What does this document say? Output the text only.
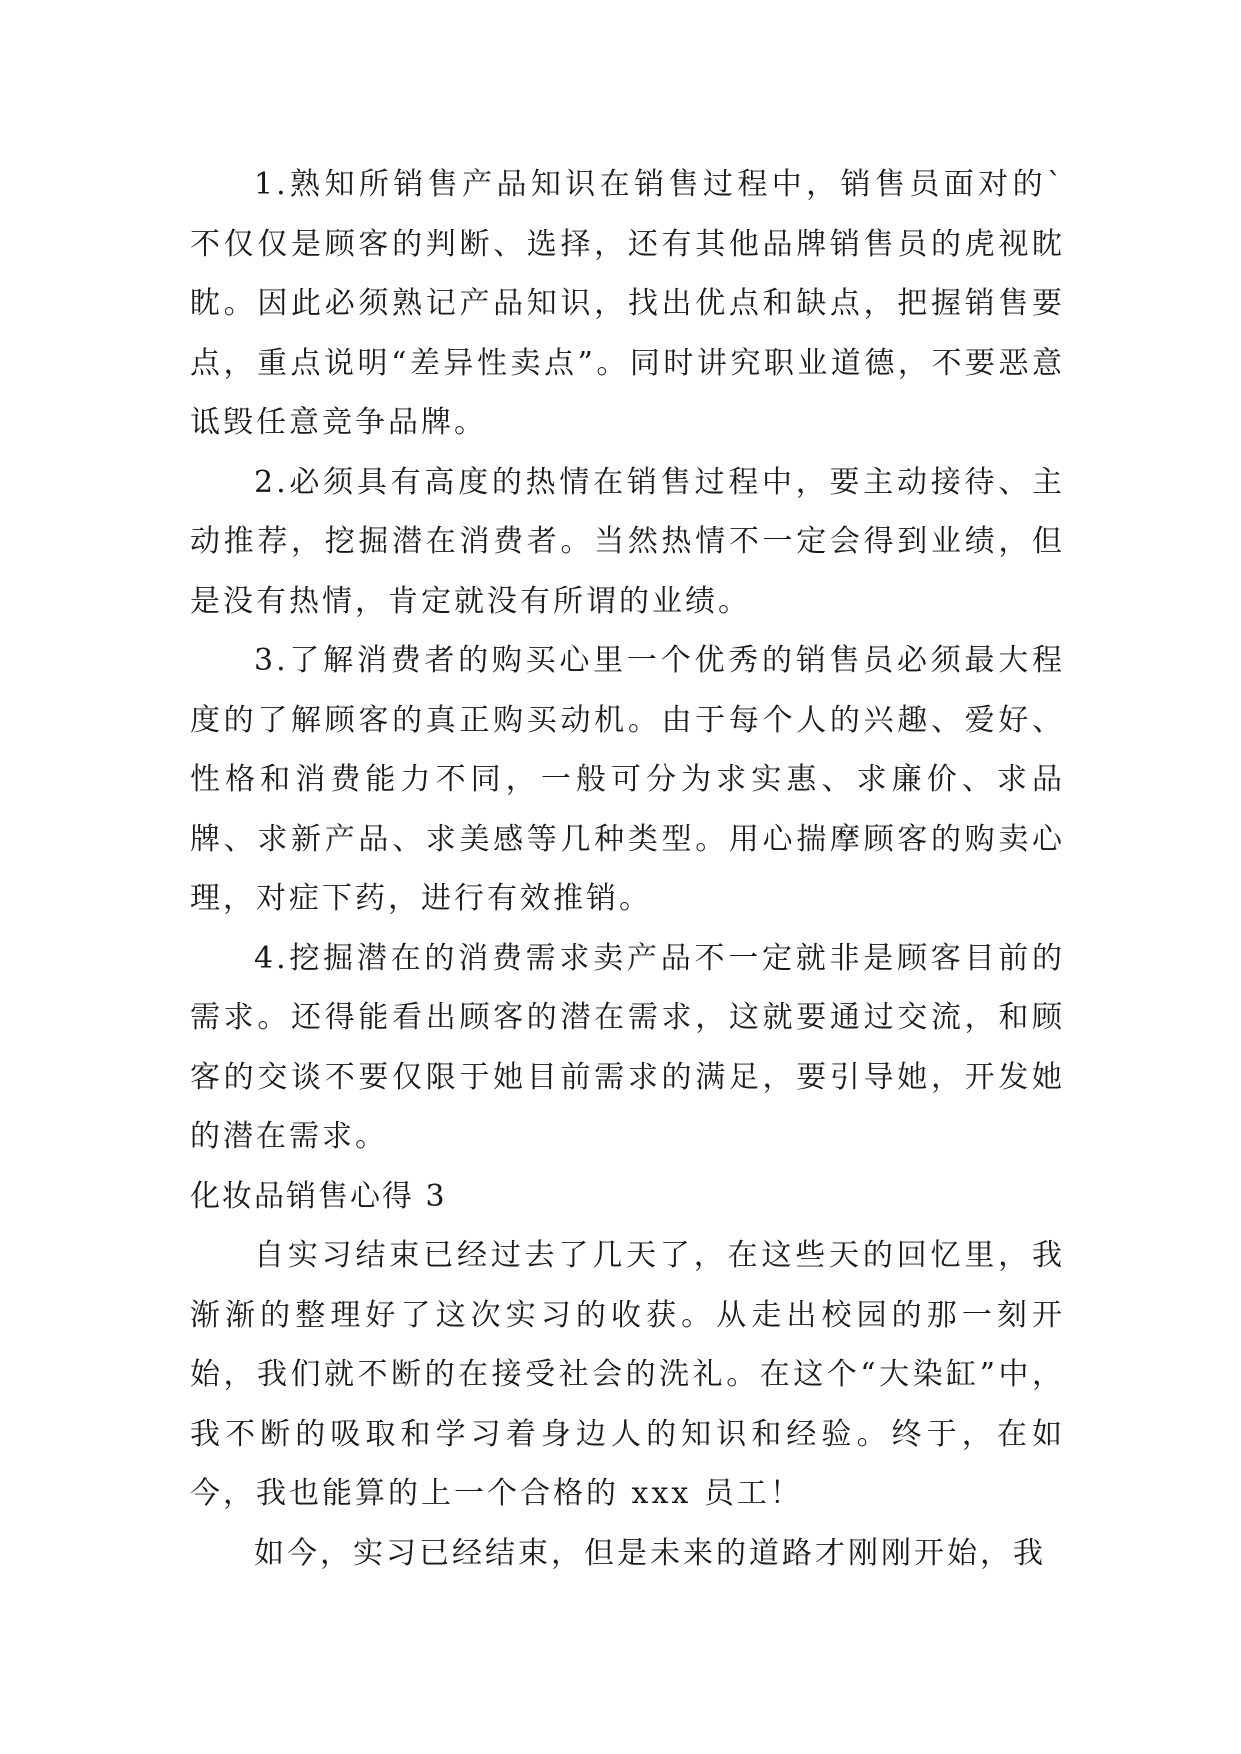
1.熟知所销售产品知识在销售过程中，销售员面对的`不仅仅是顾客的判断、选择，还有其他品牌销售员的虎视眈眈。因此必须熟记产品知识，找出优点和缺点，把握销售要点，重点说明“差异性卖点”。同时讲究职业道德，不要恶意诋毁任意竞争品牌。

2.必须具有高度的热情在销售过程中，要主动接待、主动推荐，挖掘潜在消费者。当然热情不一定会得到业绩，但是没有热情，肯定就没有所谓的业绩。

3.了解消费者的购买心里一个优秀的销售员必须最大程度的了解顾客的真正购买动机。由于每个人的兴趣、爱好、性格和消费能力不同，一般可分为求实惠、求廉价、求品牌、求新产品、求美感等几种类型。用心揣摩顾客的购卖心理，对症下药，进行有效推销。

4.挖掘潜在的消费需求卖产品不一定就非是顾客目前的需求。还得能看出顾客的潜在需求，这就要通过交流，和顾客的交谈不要仅限于她目前需求的满足，要引导她，开发她的潜在需求。

化妆品销售心得 3

自实习结束已经过去了几天了，在这些天的回忆里，我渐渐的整理好了这次实习的收获。从走出校园的那一刻开始，我们就不断的在接受社会的洗礼。在这个“大染缸”中，我不断的吸取和学习着身边人的知识和经验。终于，在如今，我也能算的上一个合格的 xxx 员工！

如今，实习已经结束，但是未来的道路才刚刚开始，我
